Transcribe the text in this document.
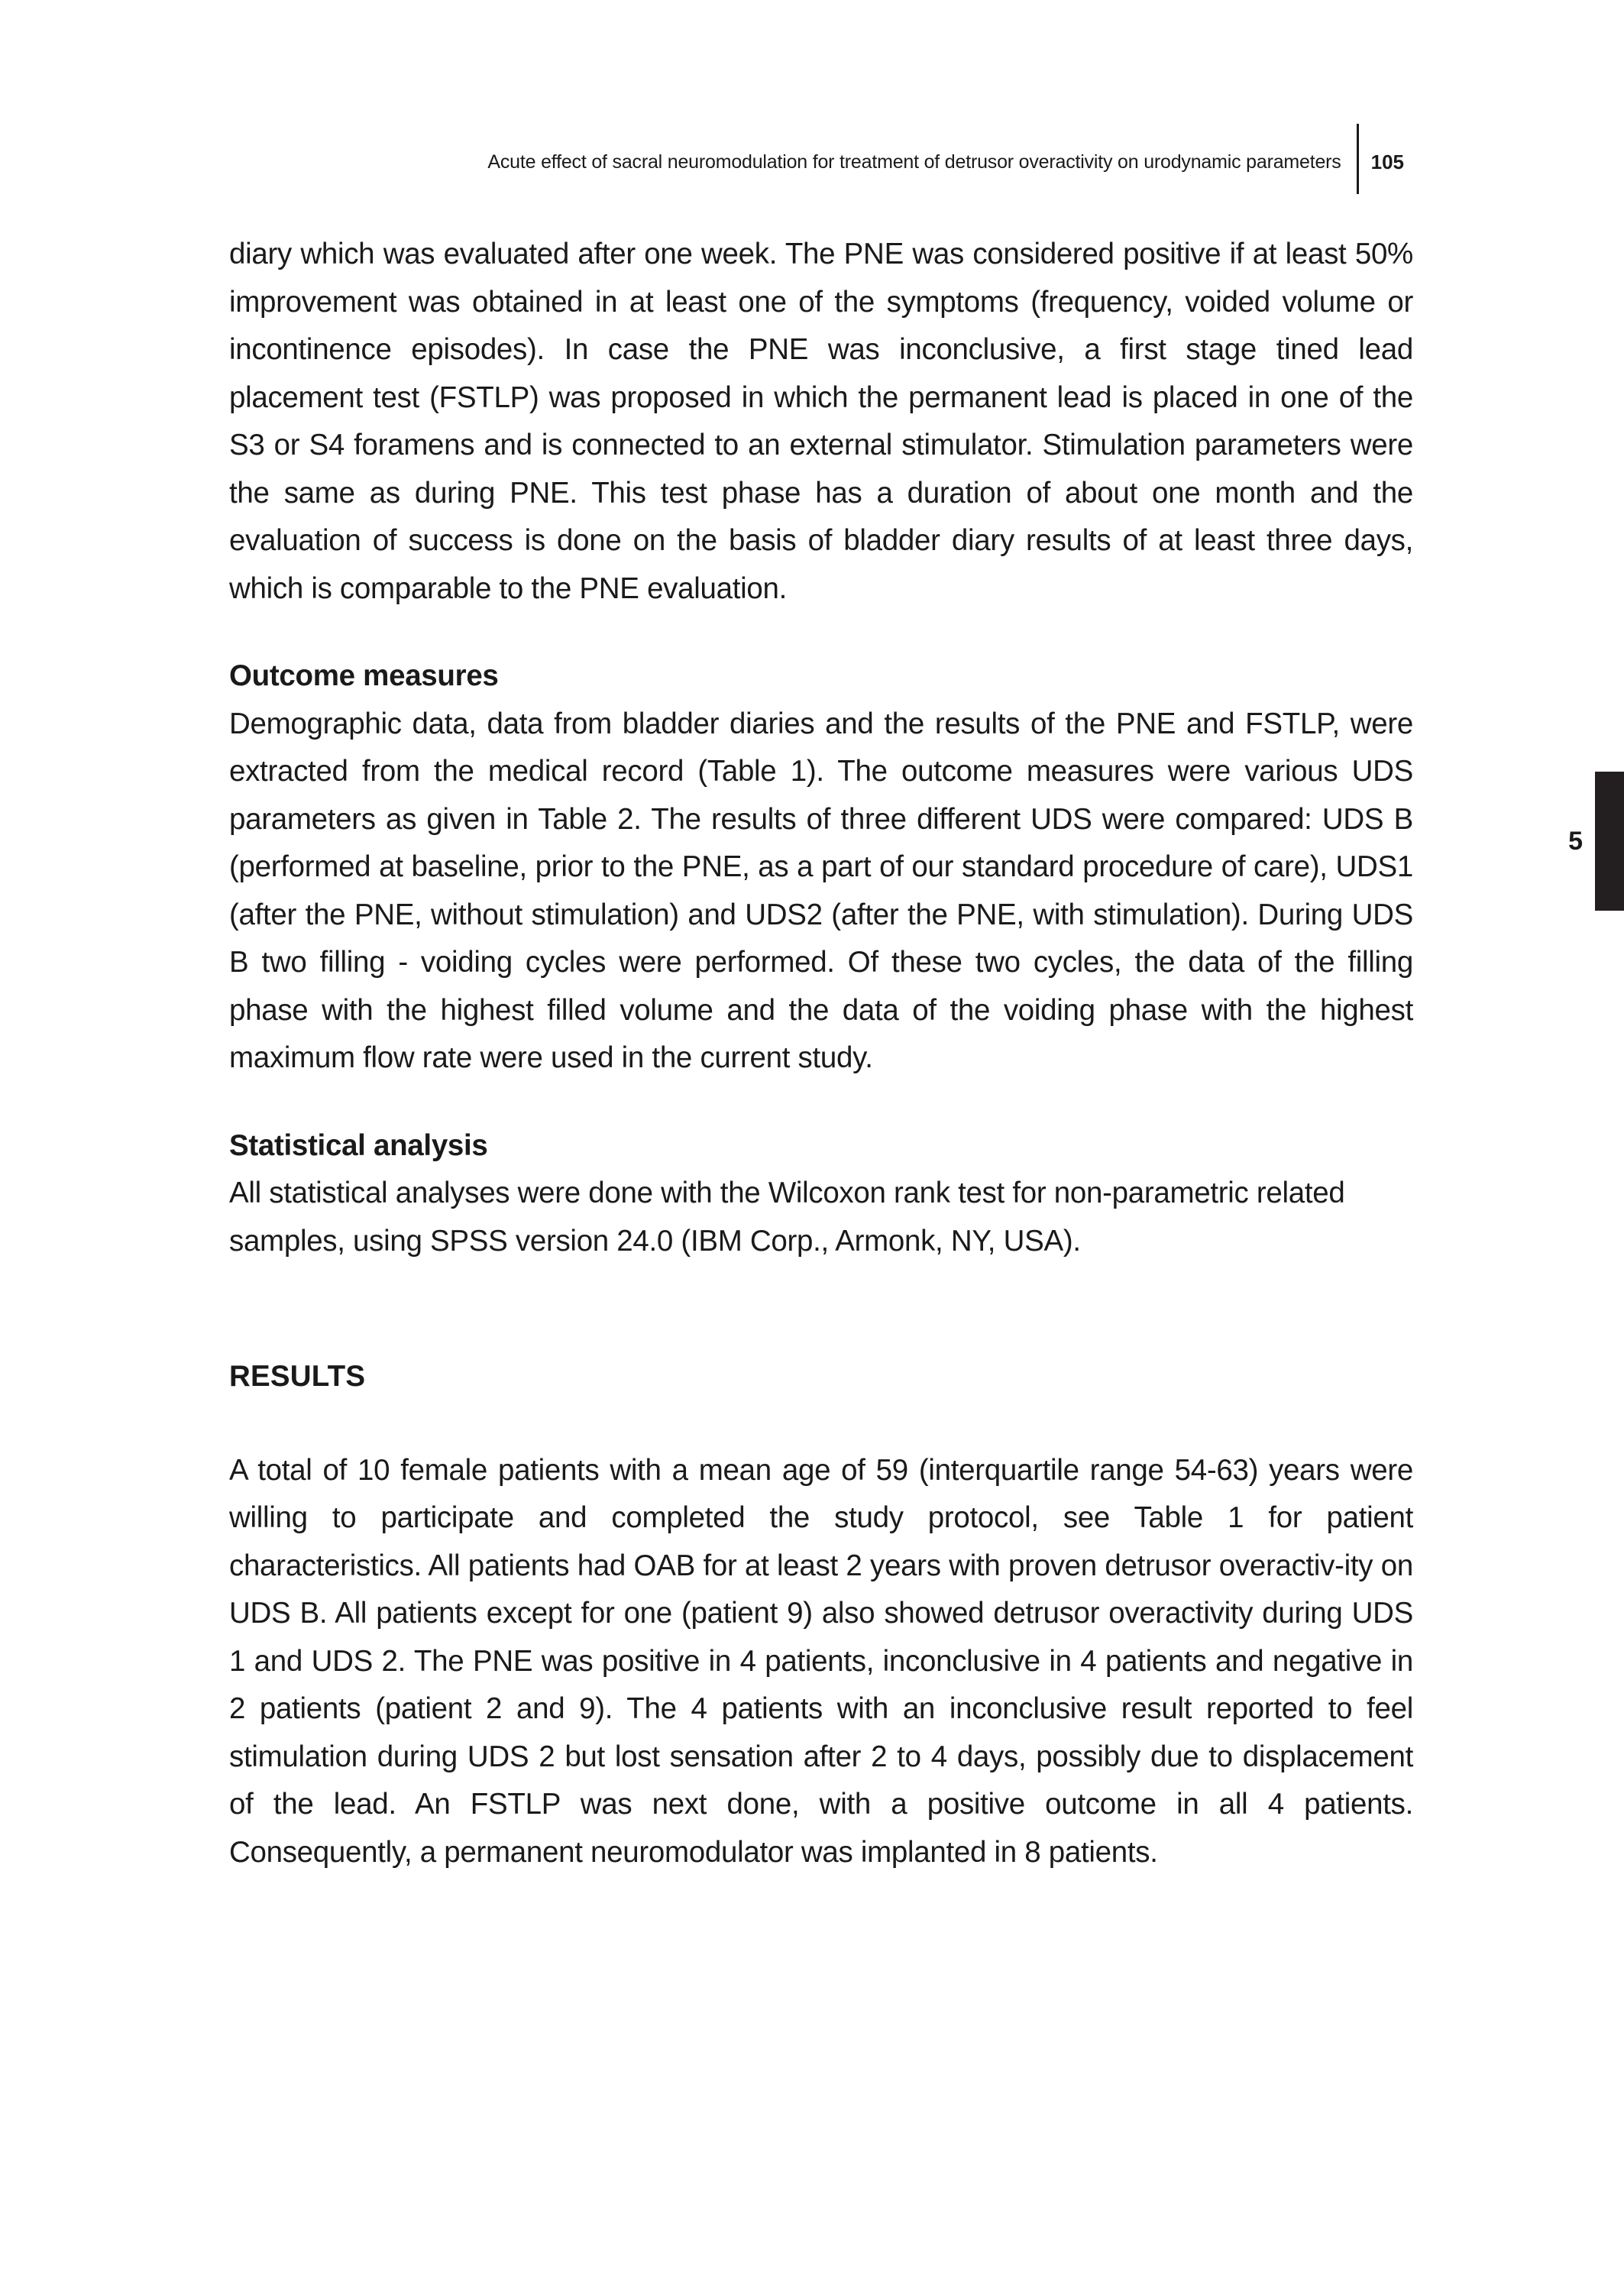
Acute effect of sacral neuromodulation for treatment of detrusor overactivity on urodynamic parameters	105
5

diary which was evaluated after one week. The PNE was considered positive if at least 50% improvement was obtained in at least one of the symptoms (frequency, voided volume or incontinence episodes). In case the PNE was inconclusive, a first stage tined lead placement test (FSTLP) was proposed in which the permanent lead is placed in one of the S3 or S4 foramens and is connected to an external stimulator. Stimulation parameters were the same as during PNE. This test phase has a duration of about one month and the evaluation of success is done on the basis of bladder diary results of at least three days, which is comparable to the PNE evaluation.

Outcome measures

Demographic data, data from bladder diaries and the results of the PNE and FSTLP, were extracted from the medical record (Table 1). The outcome measures were various UDS parameters as given in Table 2. The results of three different UDS were compared: UDS B (performed at baseline, prior to the PNE, as a part of our standard procedure of care), UDS1 (after the PNE, without stimulation) and UDS2 (after the PNE, with stimulation). During UDS B two filling - voiding cycles were performed. Of these two cycles, the data of the filling phase with the highest filled volume and the data of the voiding phase with the highest maximum flow rate were used in the current study.

Statistical analysis

All statistical analyses were done with the Wilcoxon rank test for non-parametric related samples, using SPSS version 24.0 (IBM Corp., Armonk, NY, USA).

RESULTS

A total of 10 female patients with a mean age of 59 (interquartile range 54-63) years were willing to participate and completed the study protocol, see Table 1 for patient characteristics. All patients had OAB for at least 2 years with proven detrusor overactiv-ity on UDS B. All patients except for one (patient 9) also showed detrusor overactivity during UDS 1 and UDS 2. The PNE was positive in 4 patients, inconclusive in 4 patients and negative in 2 patients (patient 2 and 9). The 4 patients with an inconclusive result reported to feel stimulation during UDS 2 but lost sensation after 2 to 4 days, possibly due to displacement of the lead. An FSTLP was next done, with a positive outcome in all 4 patients. Consequently, a permanent neuromodulator was implanted in 8 patients.
